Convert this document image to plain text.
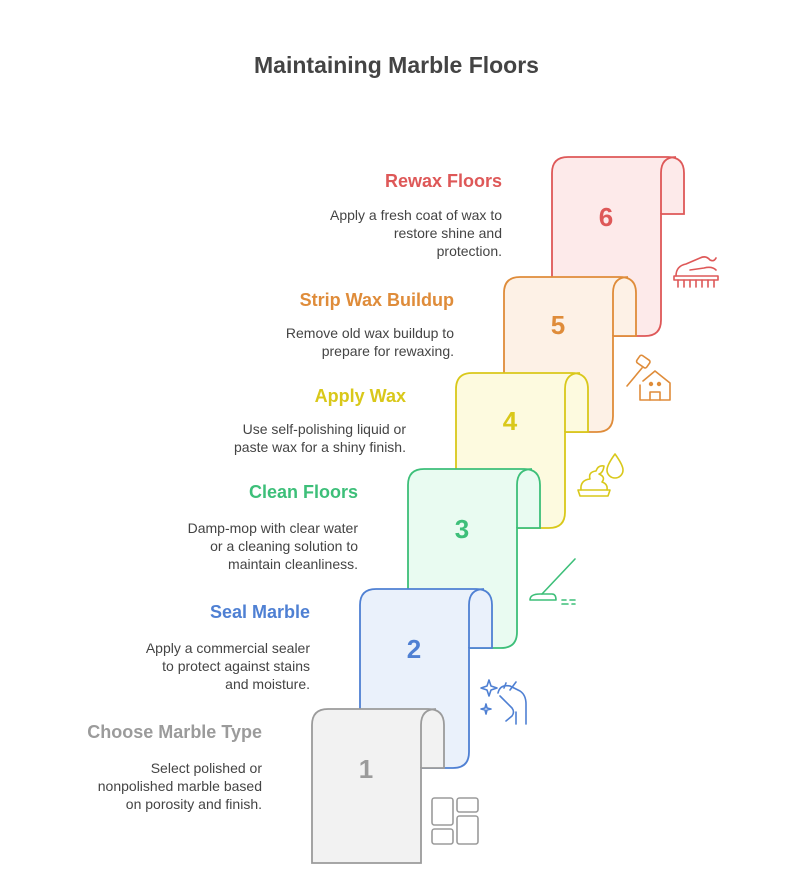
Maintaining Marble Floors
Rewax Floors
Apply a fresh coat of wax to
restore shine and
protection.
Strip Wax Buildup
Remove old wax buildup to
prepare for rewaxing.
Apply Wax
Use self-polishing liquid or
paste wax for a shiny finish.
Clean Floors
Damp-mop with clear water
or a cleaning solution to
maintain cleanliness.
Seal Marble
Apply a commercial sealer
to protect against stains
and moisture.
Choose Marble Type
Select polished or
nonpolished marble based
on porosity and finish.
6
5
4
3
2
1
